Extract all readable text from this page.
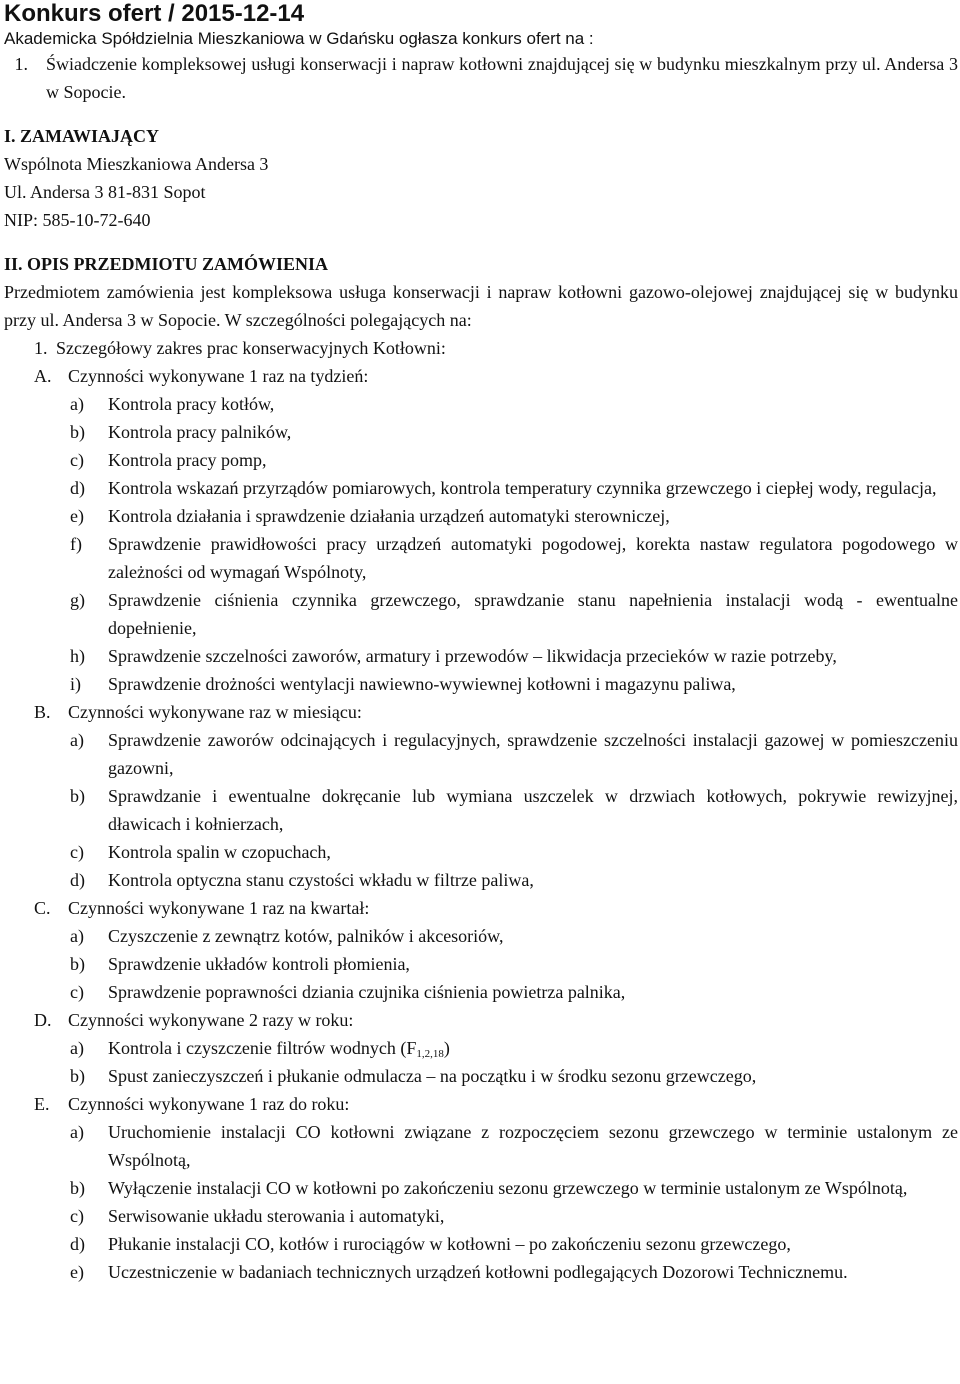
Konkurs ofert / 2015-12-14

Akademicka Spółdzielnia Mieszkaniowa w Gdańsku ogłasza konkurs ofert na :

1.	Świadczenie kompleksowej usługi konserwacji i napraw kotłowni znajdującej się w budynku mieszkalnym przy ul. Andersa 3 w Sopocie.

I. ZAMAWIAJĄCY

Wspólnota Mieszkaniowa Andersa 3

Ul. Andersa 3 81-831 Sopot

NIP: 585-10-72-640

II. OPIS PRZEDMIOTU ZAMÓWIENIA

Przedmiotem zamówienia jest kompleksowa usługa konserwacji i napraw kotłowni gazowo-olejowej znajdującej się w budynku przy ul. Andersa 3 w Sopocie. W szczególności polegających na:

1. Szczegółowy zakres prac konserwacyjnych Kotłowni:
A. Czynności wykonywane 1 raz na tydzień:
a)	Kontrola pracy kotłów,
b)	Kontrola pracy palników,
c)	Kontrola pracy pomp,
d)	Kontrola wskazań przyrządów pomiarowych, kontrola temperatury czynnika grzewczego i ciepłej wody, regulacja,
e)	Kontrola działania i sprawdzenie działania urządzeń automatyki sterowniczej,
f)	Sprawdzenie prawidłowości pracy urządzeń automatyki pogodowej, korekta nastaw regulatora pogodowego w zależności od wymagań Wspólnoty,
g)	Sprawdzenie ciśnienia czynnika grzewczego, sprawdzanie stanu napełnienia instalacji wodą - ewentualne dopełnienie,
h)	Sprawdzenie szczelności zaworów, armatury i przewodów – likwidacja przecieków w razie potrzeby,
i)	Sprawdzenie drożności wentylacji nawiewno-wywiewnej kotłowni i magazynu paliwa,
B. Czynności wykonywane raz w miesiącu:
a)	Sprawdzenie zaworów odcinających i regulacyjnych, sprawdzenie szczelności instalacji gazowej w pomieszczeniu gazowni,
b)	Sprawdzanie i ewentualne dokręcanie lub wymiana uszczelek w drzwiach kotłowych, pokrywie rewizyjnej, dławicach i kołnierzach,
c)	Kontrola spalin w czopuchach,
d)	Kontrola optyczna stanu czystości wkładu w filtrze paliwa,
C. Czynności wykonywane 1 raz na kwartał:
a)	Czyszczenie z zewnątrz kotów, palników i akcesoriów,
b)	Sprawdzenie układów kontroli płomienia,
c)	Sprawdzenie poprawności dziania czujnika ciśnienia powietrza palnika,
D. Czynności wykonywane 2 razy w roku:
a)	Kontrola i czyszczenie filtrów wodnych $(F_{1,2,18})$
b)	Spust zanieczyszczeń i płukanie odmulacza – na początku i w środku sezonu grzewczego,
E.	Czynności wykonywane 1 raz do roku:
a)	Uruchomienie instalacji CO kotłowni związane z rozpoczęciem sezonu grzewczego w terminie ustalonym ze Wspólnotą,
b)	Wyłączenie instalacji CO w kotłowni po zakończeniu sezonu grzewczego w terminie ustalonym ze Wspólnotą,
c)	Serwisowanie układu sterowania i automatyki,
d)	Płukanie instalacji CO, kotłów i rurociągów w kotłowni – po zakończeniu sezonu grzewczego,
e)	Uczestniczenie w badaniach technicznych urządzeń kotłowni podlegających Dozorowi Technicznemu.
